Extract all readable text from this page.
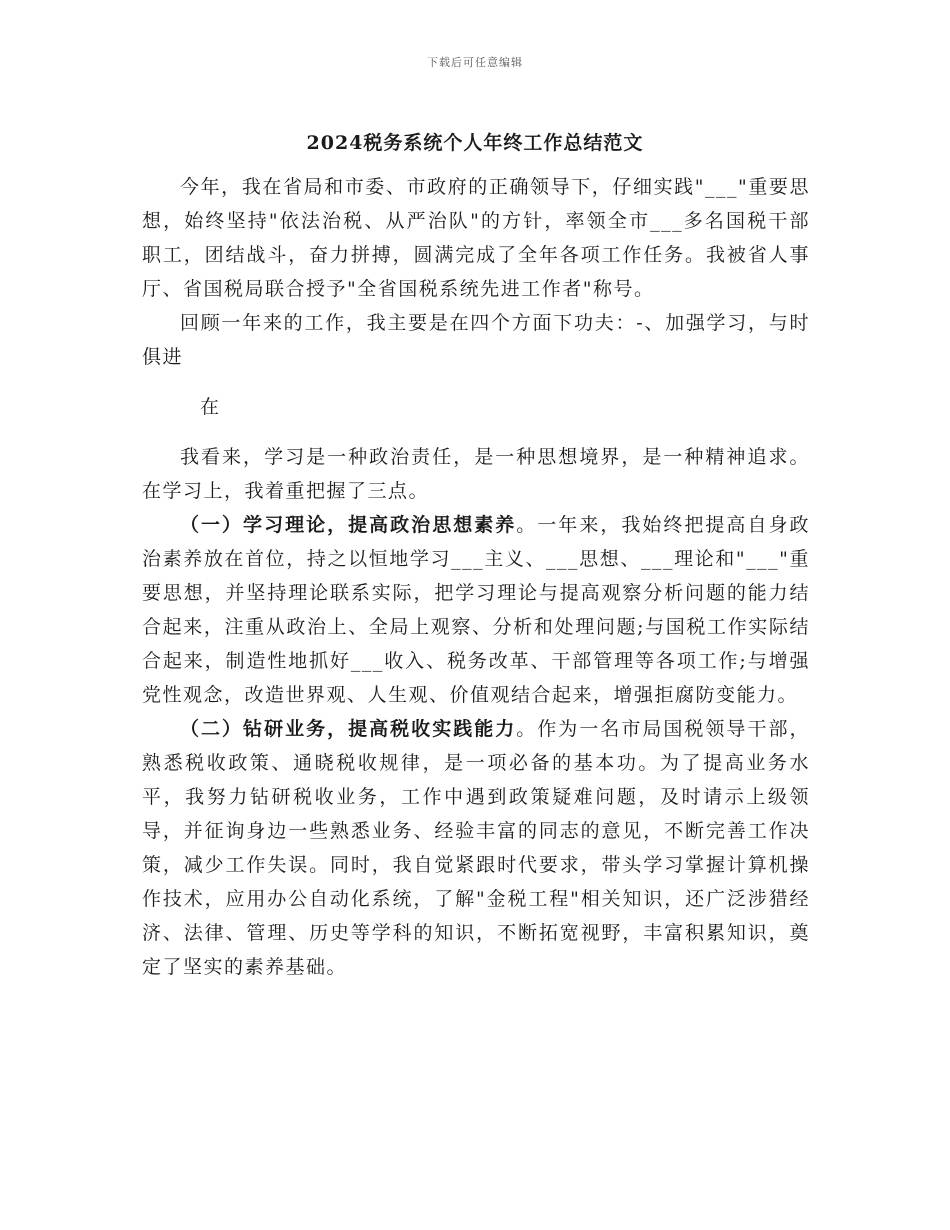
下载后可任意编辑
2024税务系统个人年终工作总结范文

今年，我在省局和市委、市政府的正确领导下，仔细实践"___"重要思想，始终坚持"依法治税、从严治队"的方针，率领全市___多名国税干部职工，团结战斗，奋力拼搏，圆满完成了全年各项工作任务。我被省人事厅、省国税局联合授予"全省国税系统先进工作者"称号。

回顾一年来的工作，我主要是在四个方面下功夫：-、加强学习，与时俱进

在

我看来，学习是一种政治责任，是一种思想境界，是一种精神追求。在学习上，我着重把握了三点。

（一）学习理论，提高政治思想素养。一年来，我始终把提高自身政治素养放在首位，持之以恒地学习___主义、___思想、___理论和"___"重要思想，并坚持理论联系实际，把学习理论与提高观察分析问题的能力结合起来，注重从政治上、全局上观察、分析和处理问题;与国税工作实际结合起来，制造性地抓好___收入、税务改革、干部管理等各项工作;与增强党性观念，改造世界观、人生观、价值观结合起来，增强拒腐防变能力。

（二）钻研业务，提高税收实践能力。作为一名市局国税领导干部，熟悉税收政策、通晓税收规律，是一项必备的基本功。为了提高业务水平，我努力钻研税收业务，工作中遇到政策疑难问题，及时请示上级领导，并征询身边一些熟悉业务、经验丰富的同志的意见，不断完善工作决策，减少工作失误。同时，我自觉紧跟时代要求，带头学习掌握计算机操作技术，应用办公自动化系统，了解"金税工程"相关知识，还广泛涉猎经济、法律、管理、历史等学科的知识，不断拓宽视野，丰富积累知识，奠定了坚实的素养基础。
